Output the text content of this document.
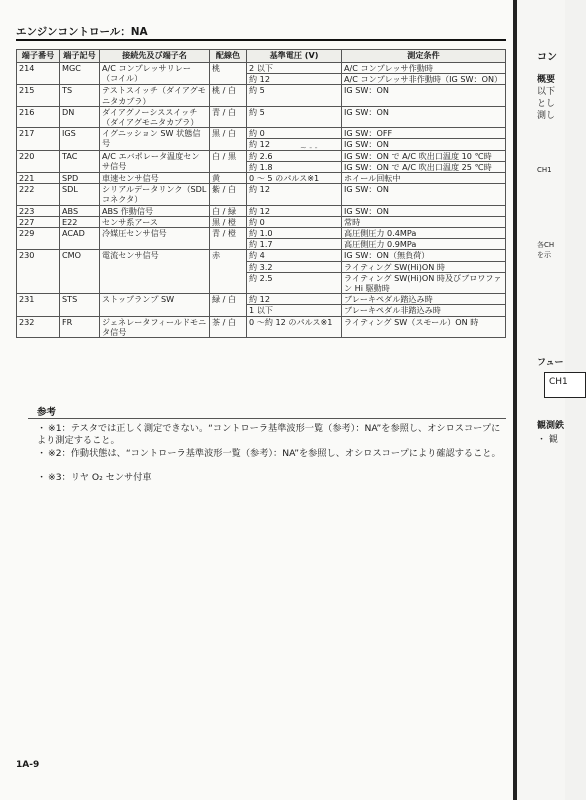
エンジンコントロール：NA
端子番号	端子記号	接続先及び端子名	配線色	基準電圧 (V)	測定条件
214	MGC	A/C コンプレッサリレー（コイル）	桃	2 以下	A/C コンプレッサ作動時
				約 12	A/C コンプレッサ非作動時（IG SW：ON）
215	TS	テストスイッチ（ダイアグモニタカプラ）	桃 / 白	約 5	IG SW：ON
216	DN	ダイアグノーシススイッチ（ダイアグモニタカプラ）	青 / 白	約 5	IG SW：ON
217	IGS	イグニッション SW 状態信号	黒 / 白	約 0	IG SW：OFF
				約 12	IG SW：ON
220	TAC	A/C エバポレータ温度センサ信号	白 / 黒	約 2.6	IG SW：ON で A/C 吹出口温度 10 ℃時
				約 1.8	IG SW：ON で A/C 吹出口温度 25 ℃時
221	SPD	車速センサ信号	黄	0 ～ 5 のパルス※1	ホイール回転中
222	SDL	シリアルデータリンク（SDL コネクタ）	紫 / 白	約 12	IG SW：ON
223	ABS	ABS 作動信号	白 / 緑	約 12	IG SW：ON
227	E22	センサ系アース	黒 / 橙	約 0	常時
229	ACAD	冷媒圧センサ信号	青 / 橙	約 1.0	高圧側圧力 0.4MPa
				約 1.7	高圧側圧力 0.9MPa
230	CMO	電流センサ信号	赤	約 4	IG SW：ON（無負荷）
				約 3.2	ライティング SW(Hi)ON 時
				約 2.5	ライティング SW(Hi)ON 時及びブロワファン Hi 駆動時
231	STS	ストップランプ SW	緑 / 白	約 12	ブレーキペダル踏込み時
				1 以下	ブレーキペダル非踏込み時
232	FR	ジェネレータフィールドモニタ信号	茶 / 白	0 ～約 12 のパルス※1	ライティング SW（スモール）ON 時
~ - -
参考
・ ※1：テスタでは正しく測定できない。“コントローラ基準波形一覧（参考）：NA”を参照し、オシロスコープにより測定すること。
・ ※2：作動状態は、“コントローラ基準波形一覧（参考）：NA”を参照し、オシロスコープにより確認すること。
・ ※3：リヤ O₂ センサ付車
1A-9
コン
概要
以下
とし
測し
CH1
各CH
を示
フュー
CH1
観測鉄
・ 観
